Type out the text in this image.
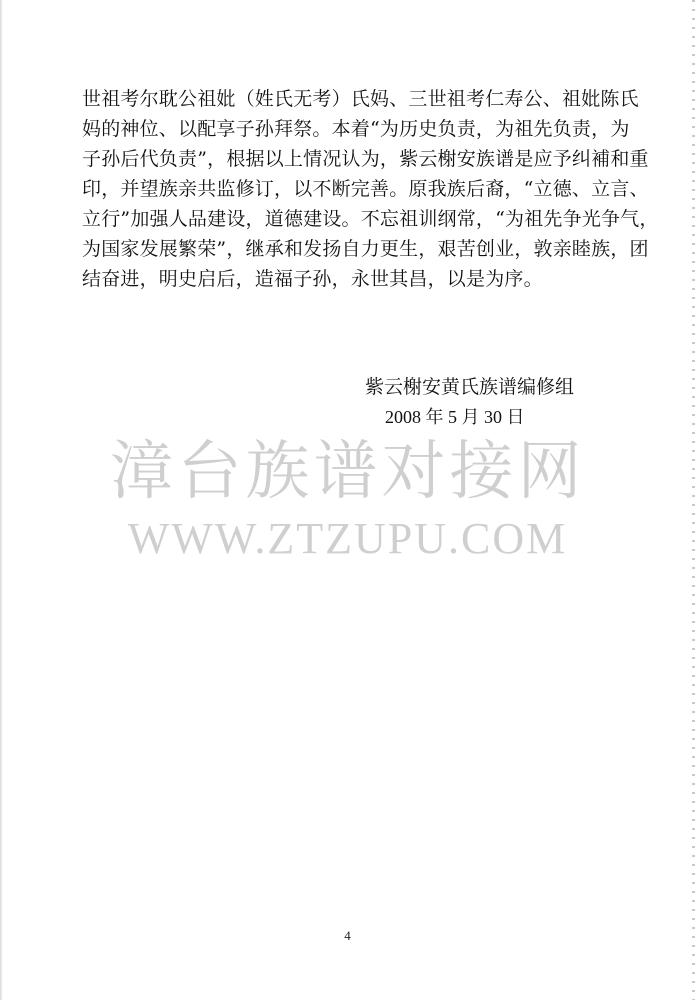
世祖考尔耽公祖妣（姓氏无考）氏妈、三世祖考仁寿公、祖妣陈氏
妈的神位、以配享子孙拜祭。本着“为历史负责，为祖先负责，为
子孙后代负责”，根据以上情况认为，紫云榭安族谱是应予纠補和重
印，并望族亲共监修订，以不断完善。原我族后裔，“立德、立言、
立行”加强人品建设，道德建设。不忘祖训纲常，“为祖先争光争气，
为国家发展繁荣”，继承和发扬自力更生，艰苦创业，敦亲睦族，团
结奋进，明史启后，造福子孙，永世其昌，以是为序。
紫云榭安黄氏族谱编修组
2008 年 5 月 30 日
漳台族谱对接网
WWW.ZTZUPU.COM
4
